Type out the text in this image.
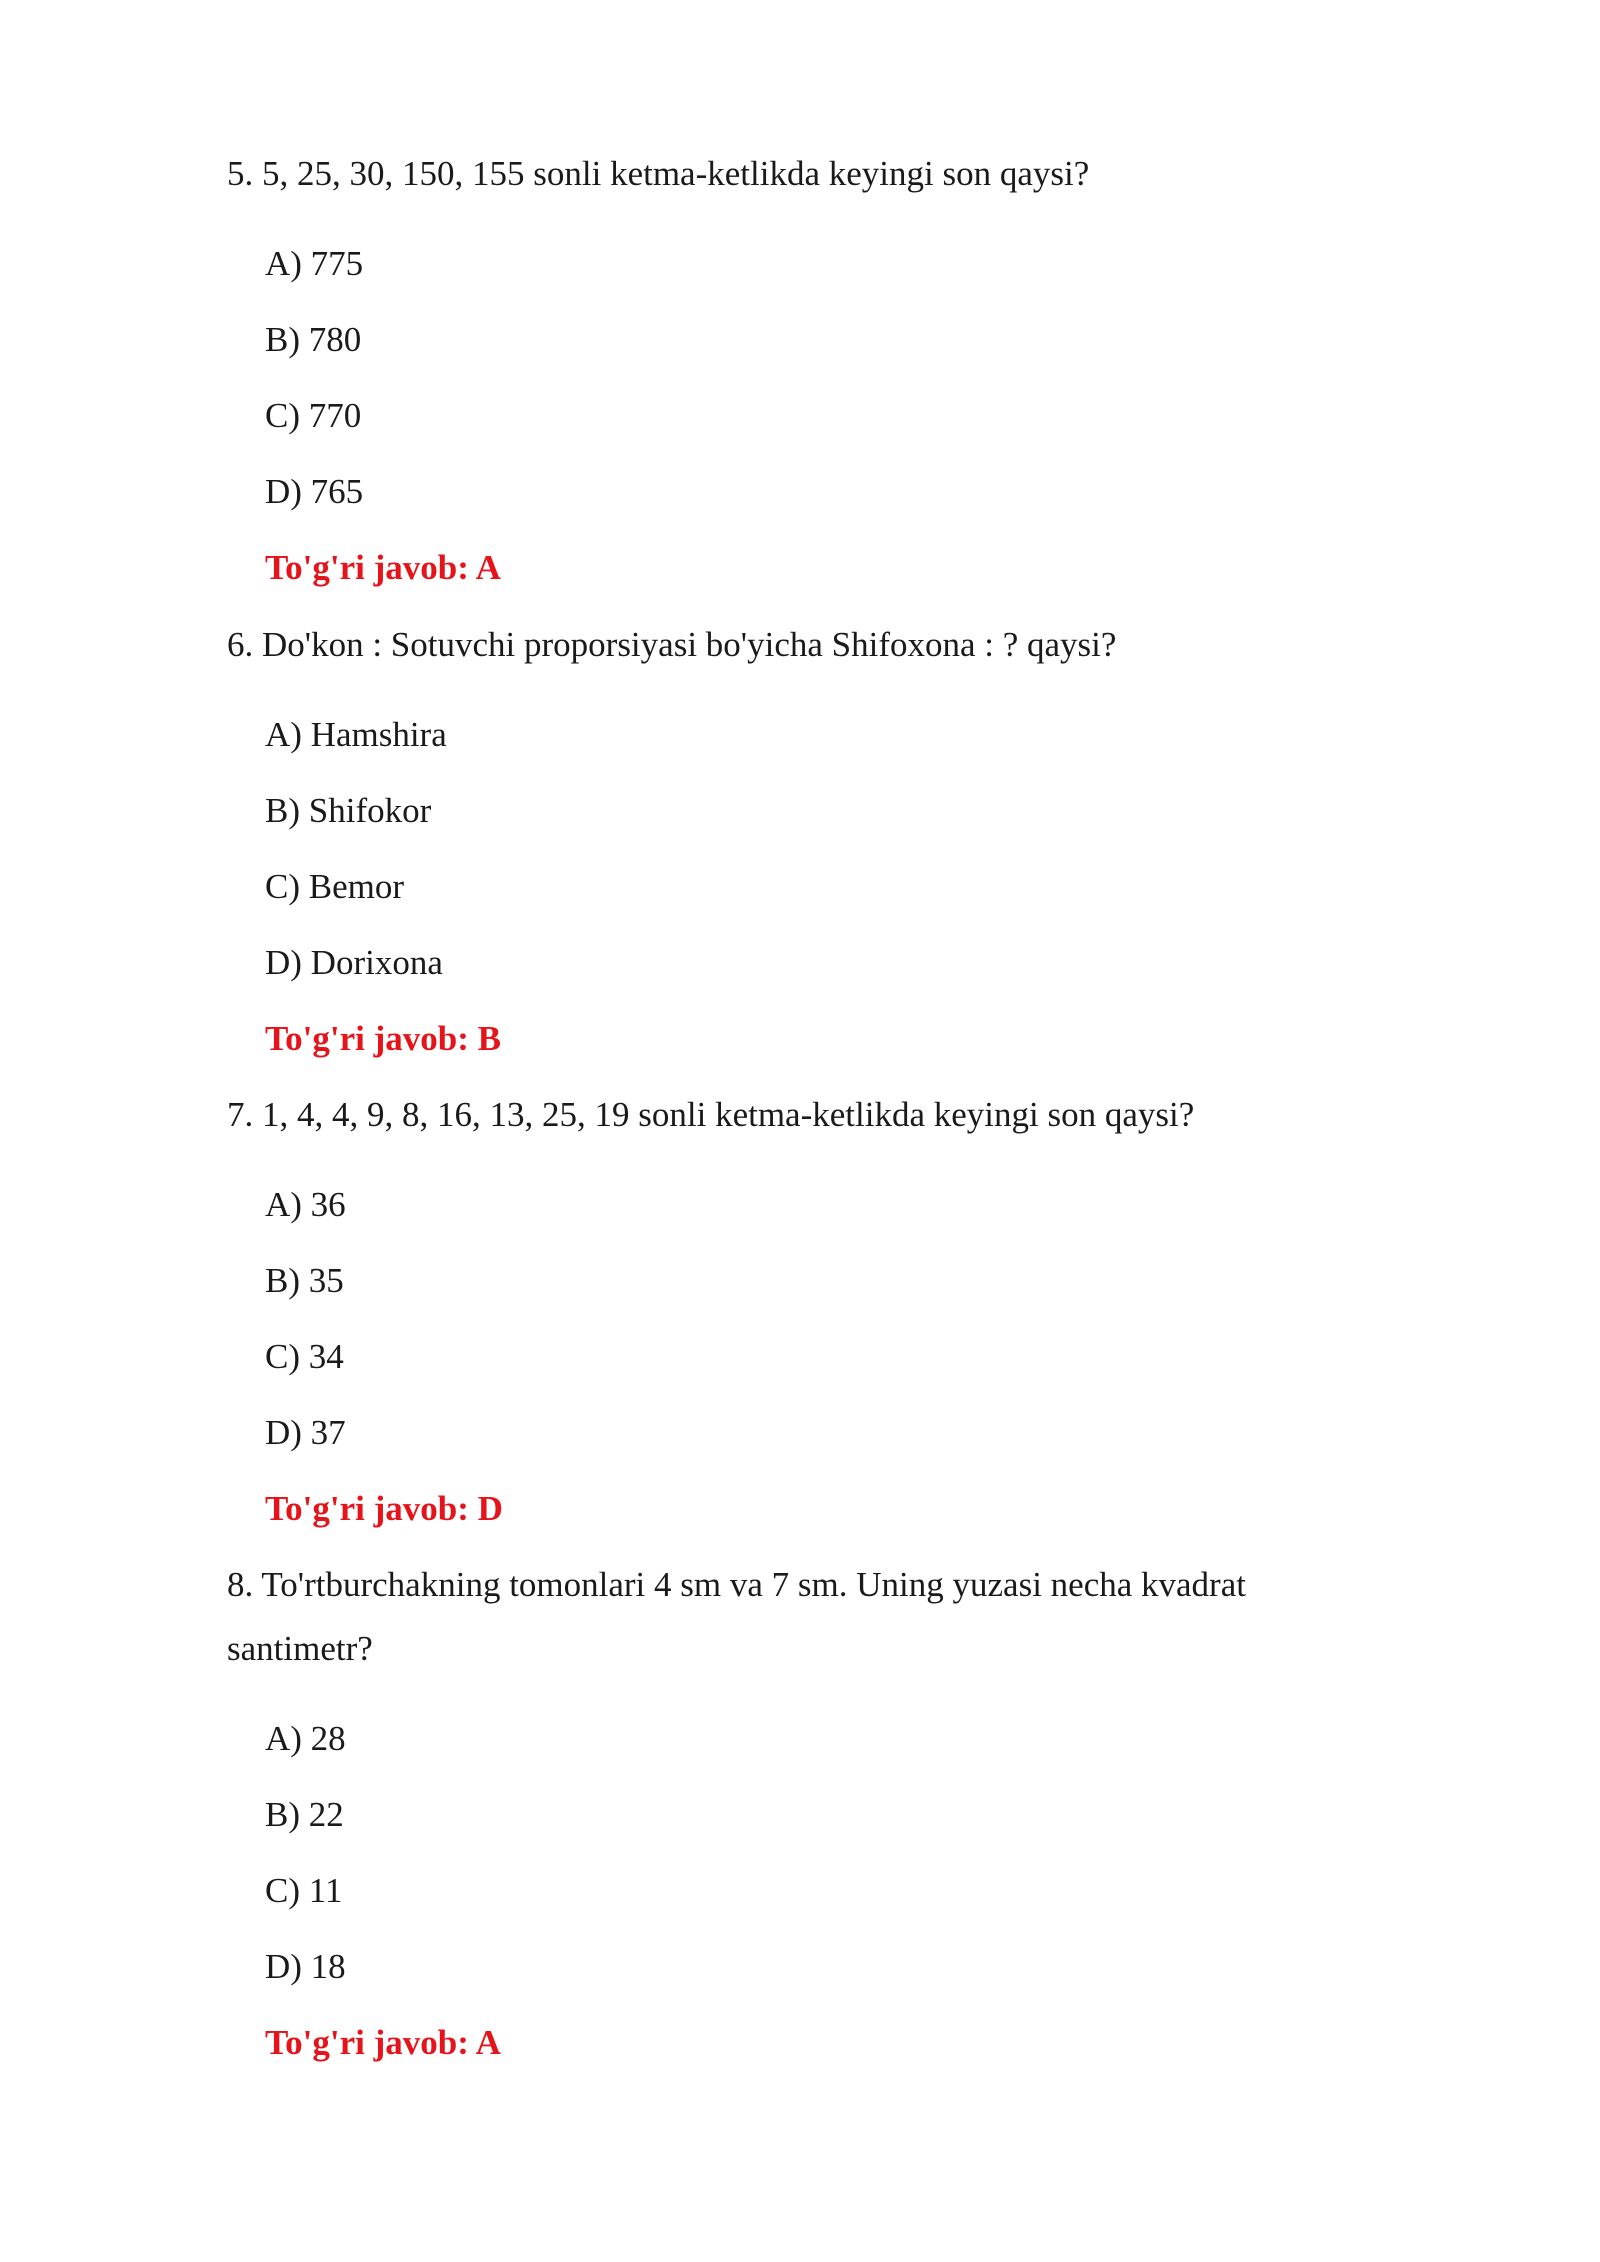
5. 5, 25, 30, 150, 155 sonli ketma-ketlikda keyingi son qaysi?

A) 775

B) 780

C) 770

D) 765

To'g'ri javob: A

6. Do'kon : Sotuvchi proporsiyasi bo'yicha Shifoxona : ? qaysi?

A) Hamshira

B) Shifokor

C) Bemor

D) Dorixona

To'g'ri javob: B

7. 1, 4, 4, 9, 8, 16, 13, 25, 19 sonli ketma-ketlikda keyingi son qaysi?

A) 36

B) 35

C) 34

D) 37

To'g'ri javob: D

8. To'rtburchakning tomonlari 4 sm va 7 sm. Uning yuzasi necha kvadrat santimetr?

A) 28

B) 22

C) 11

D) 18

To'g'ri javob: A
